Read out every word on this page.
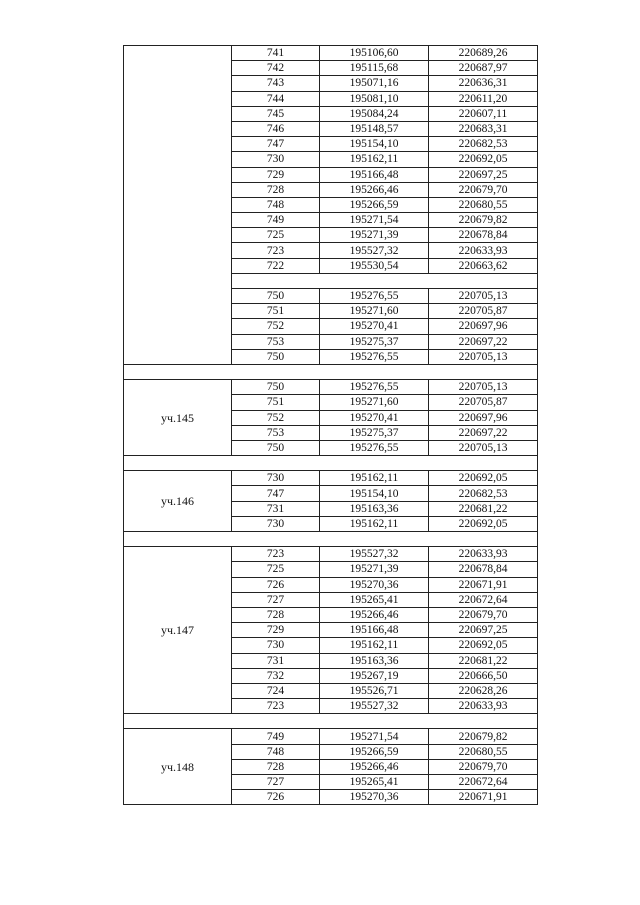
	741	195106,60	220689,26
	742	195115,68	220687,97
	743	195071,16	220636,31
	744	195081,10	220611,20
	745	195084,24	220607,11
	746	195148,57	220683,31
	747	195154,10	220682,53
	730	195162,11	220692,05
	729	195166,48	220697,25
	728	195266,46	220679,70
	748	195266,59	220680,55
	749	195271,54	220679,82
	725	195271,39	220678,84
	723	195527,32	220633,93
	722	195530,54	220663,62

	750	195276,55	220705,13
	751	195271,60	220705,87
	752	195270,41	220697,96
	753	195275,37	220697,22
	750	195276,55	220705,13

уч.145	750	195276,55	220705,13
	751	195271,60	220705,87
	752	195270,41	220697,96
	753	195275,37	220697,22
	750	195276,55	220705,13

уч.146	730	195162,11	220692,05
	747	195154,10	220682,53
	731	195163,36	220681,22
	730	195162,11	220692,05

уч.147	723	195527,32	220633,93
	725	195271,39	220678,84
	726	195270,36	220671,91
	727	195265,41	220672,64
	728	195266,46	220679,70
	729	195166,48	220697,25
	730	195162,11	220692,05
	731	195163,36	220681,22
	732	195267,19	220666,50
	724	195526,71	220628,26
	723	195527,32	220633,93

уч.148	749	195271,54	220679,82
	748	195266,59	220680,55
	728	195266,46	220679,70
	727	195265,41	220672,64
	726	195270,36	220671,91
